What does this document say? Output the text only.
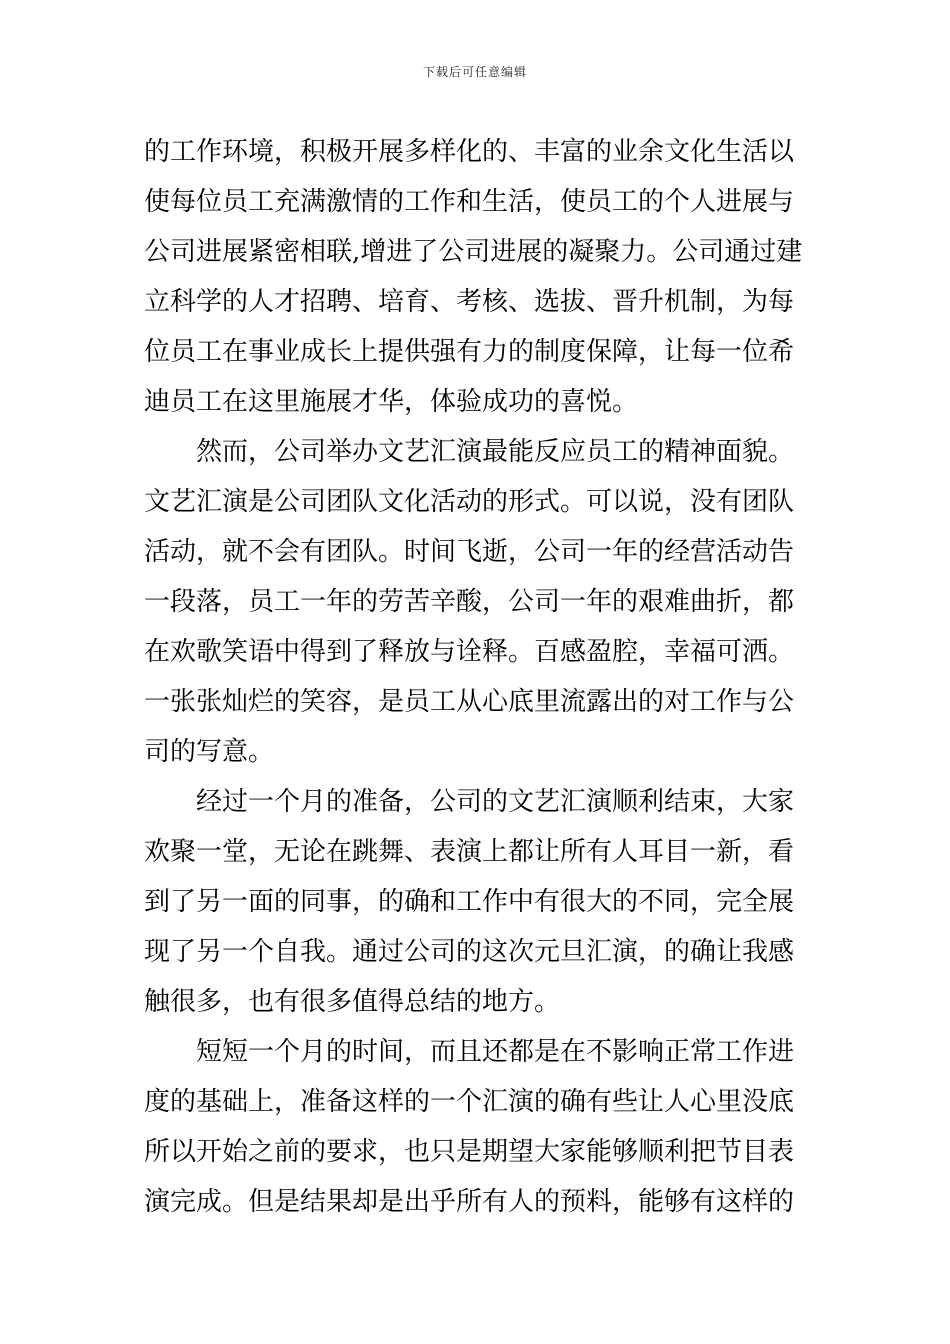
下载后可任意编辑
的工作环境，积极开展多样化的、丰富的业余文化生活以
使每位员工充满激情的工作和生活，使员工的个人进展与
公司进展紧密相联,增进了公司进展的凝聚力。公司通过建
立科学的人才招聘、培育、考核、选拔、晋升机制，为每
位员工在事业成长上提供强有力的制度保障，让每一位希
迪员工在这里施展才华，体验成功的喜悦。
然而，公司举办文艺汇演最能反应员工的精神面貌。
文艺汇演是公司团队文化活动的形式。可以说，没有团队
活动，就不会有团队。时间飞逝，公司一年的经营活动告
一段落，员工一年的劳苦辛酸，公司一年的艰难曲折，都
在欢歌笑语中得到了释放与诠释。百感盈腔，幸福可洒。
一张张灿烂的笑容，是员工从心底里流露出的对工作与公
司的写意。
经过一个月的准备，公司的文艺汇演顺利结束，大家
欢聚一堂，无论在跳舞、表演上都让所有人耳目一新，看
到了另一面的同事，的确和工作中有很大的不同，完全展
现了另一个自我。通过公司的这次元旦汇演，的确让我感
触很多，也有很多值得总结的地方。
短短一个月的时间，而且还都是在不影响正常工作进
度的基础上，准备这样的一个汇演的确有些让人心里没底
所以开始之前的要求，也只是期望大家能够顺利把节目表
演完成。但是结果却是出乎所有人的预料，能够有这样的
